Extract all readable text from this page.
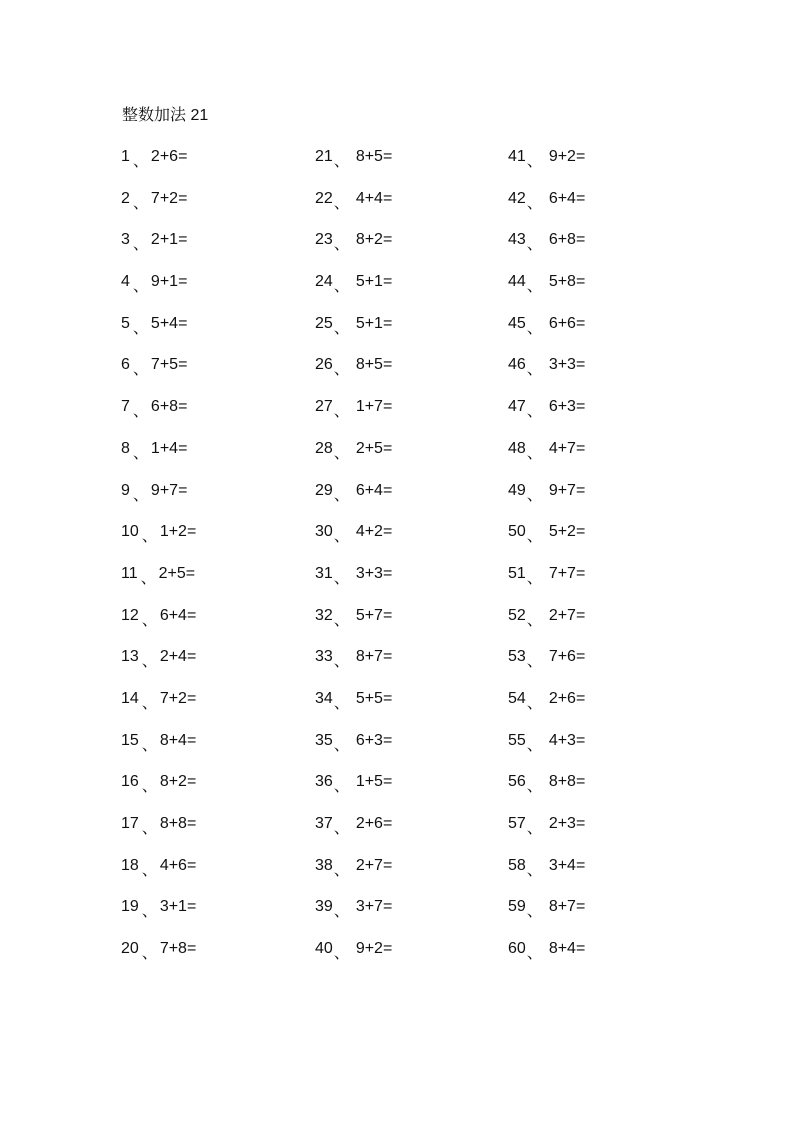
整数加法 21
1 、 2+6=
2 、 7+2=
3 、 2+1=
4 、 9+1=
5 、 5+4=
6 、 7+5=
7 、 6+8=
8 、 1+4=
9 、 9+7=
10 、 1+2=
11 、 2+5=
12 、 6+4=
13 、 2+4=
14 、 7+2=
15 、 8+4=
16 、 8+2=
17 、 8+8=
18 、 4+6=
19 、 3+1=
20 、 7+8=
21 、 8+5=
22 、 4+4=
23 、 8+2=
24 、 5+1=
25 、 5+1=
26 、 8+5=
27 、 1+7=
28 、 2+5=
29 、 6+4=
30 、 4+2=
31 、 3+3=
32 、 5+7=
33 、 8+7=
34 、 5+5=
35 、 6+3=
36 、 1+5=
37 、 2+6=
38 、 2+7=
39 、 3+7=
40 、 9+2=
41 、 9+2=
42 、 6+4=
43 、 6+8=
44 、 5+8=
45 、 6+6=
46 、 3+3=
47 、 6+3=
48 、 4+7=
49 、 9+7=
50 、 5+2=
51 、 7+7=
52 、 2+7=
53 、 7+6=
54 、 2+6=
55 、 4+3=
56 、 8+8=
57 、 2+3=
58 、 3+4=
59 、 8+7=
60 、 8+4=
